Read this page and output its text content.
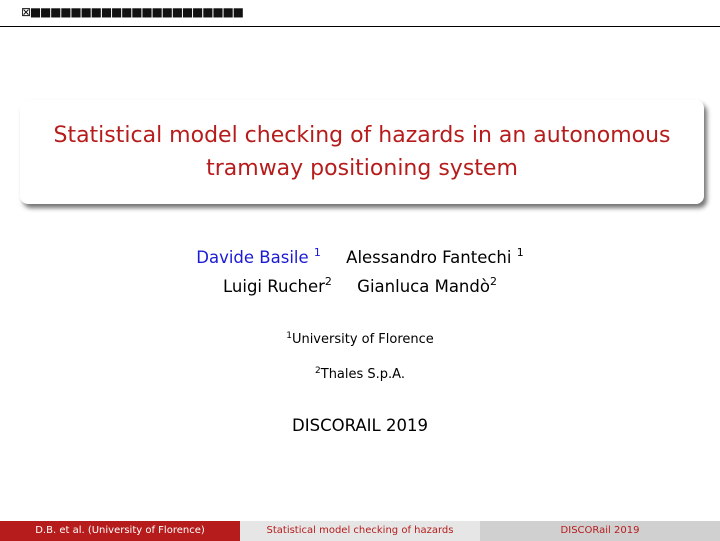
⊠■■■■■■■■■■■■■■■■■■■■■
Statistical model checking of hazards in an autonomous
tramway positioning system
Davide Basile $^1$ Alessandro Fantechi $^1$
Luigi Rucher$^2$ Gianluca Mandò$^2$
$^1$University of Florence
$^2$Thales S.p.A.
DISCORAIL 2019
D.B. et al. (University of Florence)	Statistical model checking of hazards	DISCORail 2019
